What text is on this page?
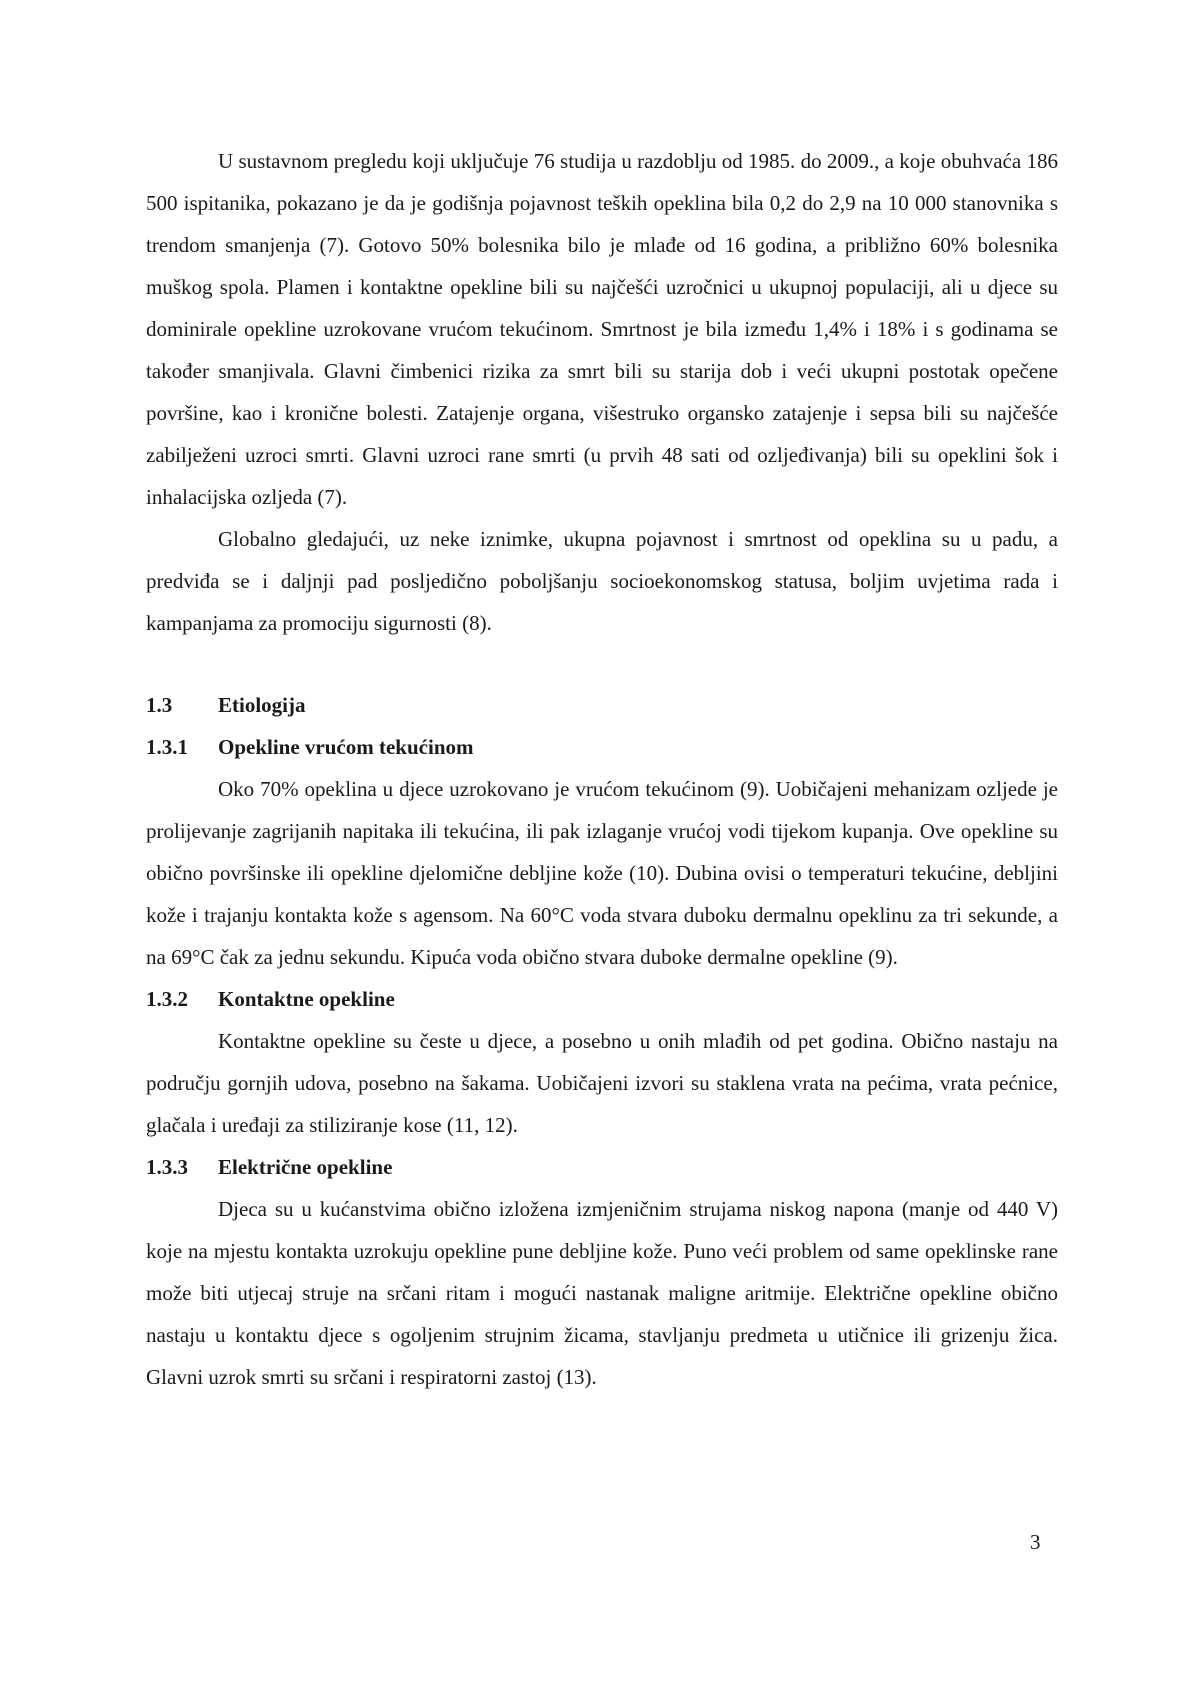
U sustavnom pregledu koji uključuje 76 studija u razdoblju od 1985. do 2009., a koje obuhvaća 186 500 ispitanika, pokazano je da je godišnja pojavnost teških opeklina bila 0,2 do 2,9 na 10 000 stanovnika s trendom smanjenja (7). Gotovo 50% bolesnika bilo je mlađe od 16 godina, a približno 60% bolesnika muškog spola. Plamen i kontaktne opekline bili su najčešći uzročnici u ukupnoj populaciji, ali u djece su dominirale opekline uzrokovane vrućom tekućinom. Smrtnost je bila između 1,4% i 18% i s godinama se također smanjivala. Glavni čimbenici rizika za smrt bili su starija dob i veći ukupni postotak opečene površine, kao i kronične bolesti. Zatajenje organa, višestruko organsko zatajenje i sepsa bili su najčešće zabilježeni uzroci smrti. Glavni uzroci rane smrti (u prvih 48 sati od ozljeđivanja) bili su opeklini šok i inhalacijska ozljeda (7).

Globalno gledajući, uz neke iznimke, ukupna pojavnost i smrtnost od opeklina su u padu, a predviđa se i daljnji pad posljedično poboljšanju socioekonomskog statusa, boljim uvjetima rada i kampanjama za promociju sigurnosti (8).

1.3	Etiologija
1.3.1	Opekline vrućom tekućinom

Oko 70% opeklina u djece uzrokovano je vrućom tekućinom (9). Uobičajeni mehanizam ozljede je prolijevanje zagrijanih napitaka ili tekućina, ili pak izlaganje vrućoj vodi tijekom kupanja. Ove opekline su obično površinske ili opekline djelomične debljine kože (10). Dubina ovisi o temperaturi tekućine, debljini kože i trajanju kontakta kože s agensom. Na 60°C voda stvara duboku dermalnu opeklinu za tri sekunde, a na 69°C čak za jednu sekundu. Kipuća voda obično stvara duboke dermalne opekline (9).

1.3.2	Kontaktne opekline

Kontaktne opekline su česte u djece, a posebno u onih mlađih od pet godina. Obično nastaju na području gornjih udova, posebno na šakama. Uobičajeni izvori su staklena vrata na pećima, vrata pećnice, glačala i uređaji za stiliziranje kose (11, 12).

1.3.3	Električne opekline

Djeca su u kućanstvima obično izložena izmjeničnim strujama niskog napona (manje od 440 V) koje na mjestu kontakta uzrokuju opekline pune debljine kože. Puno veći problem od same opeklinske rane može biti utjecaj struje na srčani ritam i mogući nastanak maligne aritmije. Električne opekline obično nastaju u kontaktu djece s ogoljenim strujnim žicama, stavljanju predmeta u utičnice ili grizenju žica. Glavni uzrok smrti su srčani i respiratorni zastoj (13).

3
